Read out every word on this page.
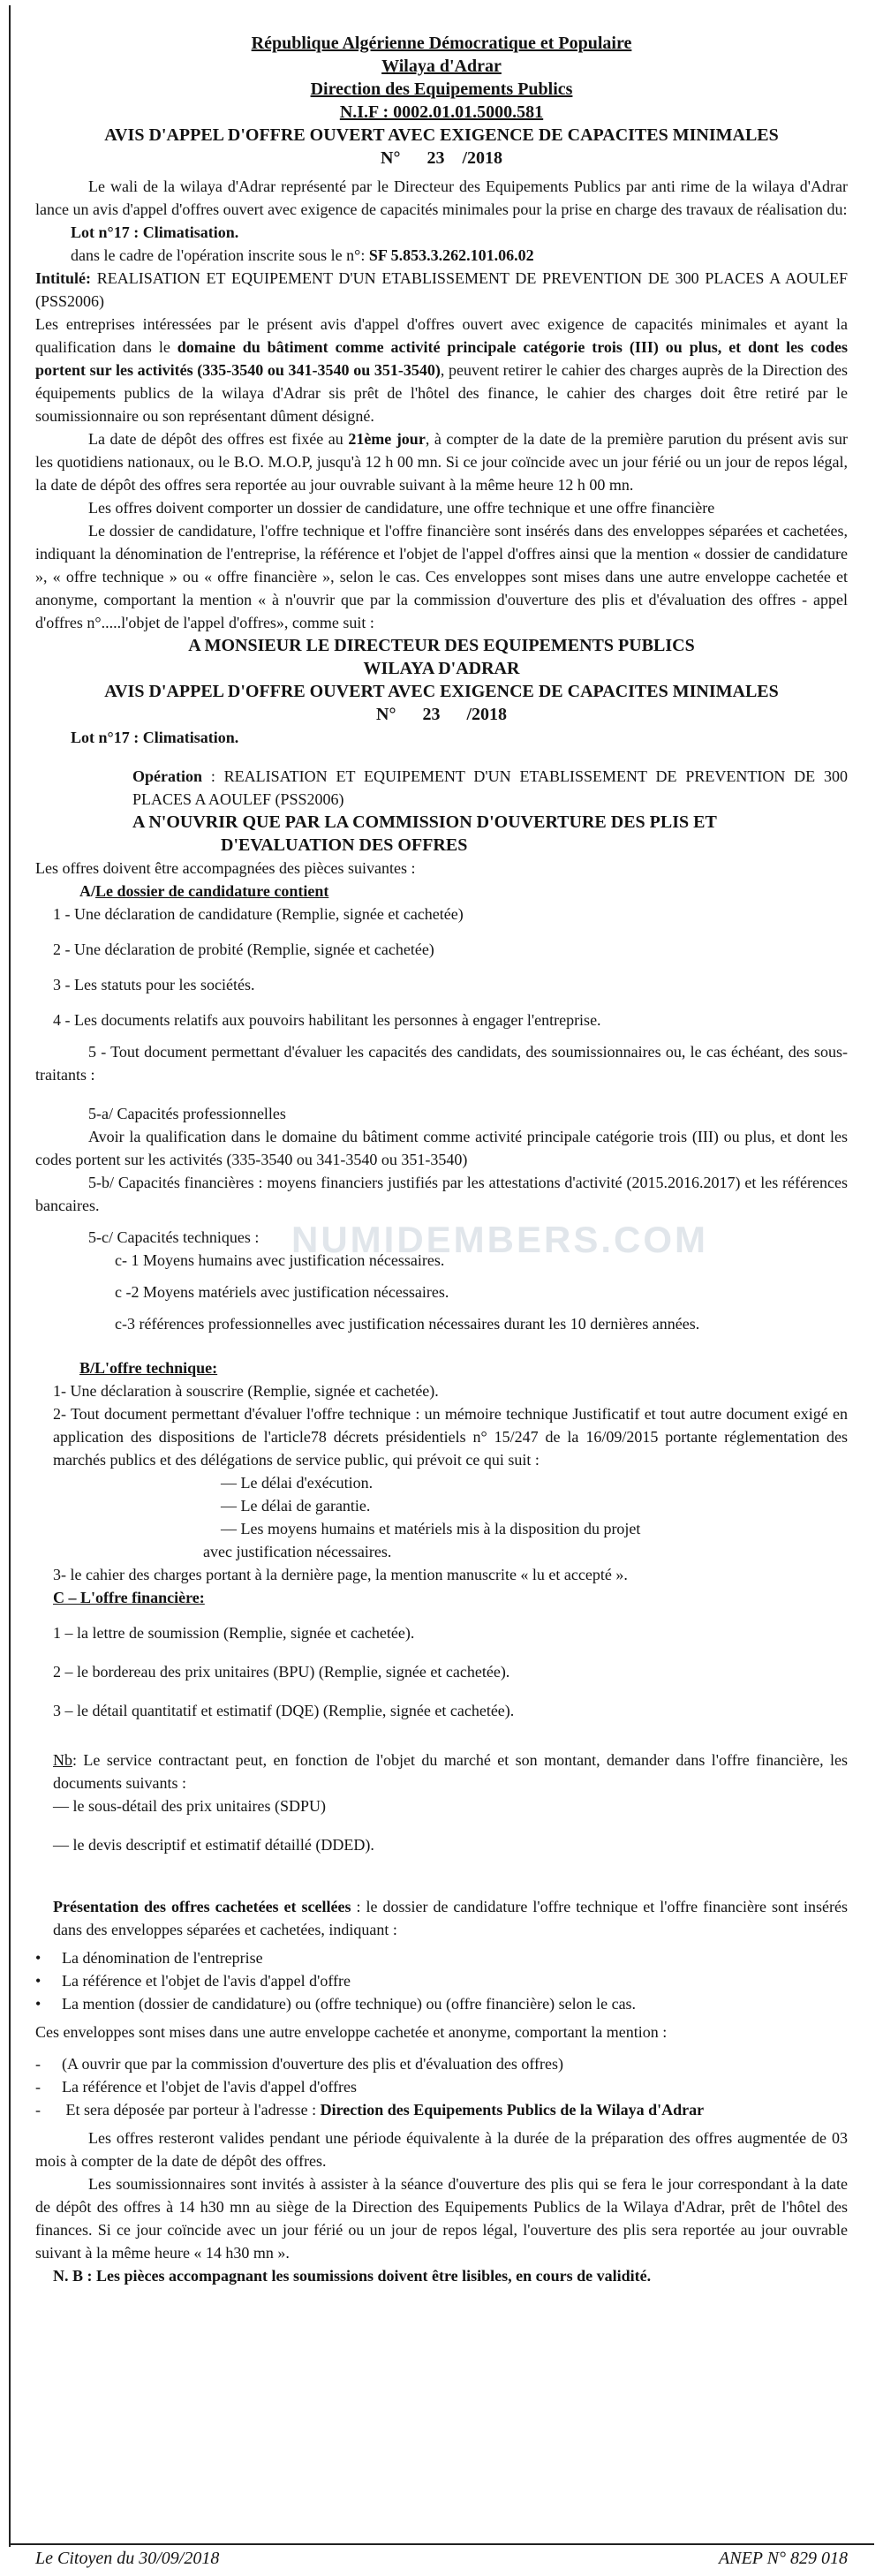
NUMIDEMBERS.COM

République Algérienne Démocratique et Populaire

Wilaya d'Adrar

Direction des Equipements Publics

N.I.F : 0002.01.01.5000.581

AVIS D'APPEL D'OFFRE OUVERT AVEC EXIGENCE DE CAPACITES MINIMALES

N°      23    /2018

Le wali de la wilaya d'Adrar représenté par le Directeur des Equipements Publics par anti rime de la wilaya d'Adrar lance un avis d'appel d'offres ouvert avec exigence de capacités minimales pour la prise en charge des travaux de réalisation du:

Lot n°17 : Climatisation.

dans le cadre de l'opération inscrite sous le n°: SF 5.853.3.262.101.06.02

Intitulé: REALISATION ET EQUIPEMENT D'UN ETABLISSEMENT DE PREVENTION DE 300 PLACES A AOULEF (PSS2006)

Les entreprises intéressées par le présent avis d'appel d'offres ouvert avec exigence de capacités minimales et ayant la qualification dans le domaine du bâtiment comme activité principale catégorie trois (III) ou plus, et dont les codes portent sur les activités (335-3540 ou 341-3540 ou 351-3540), peuvent retirer le cahier des charges auprès de la Direction des équipements publics de la wilaya d'Adrar sis prêt de l'hôtel des finance, le cahier des charges doit être retiré par le soumissionnaire ou son représentant dûment désigné.

La date de dépôt des offres est fixée au 21ème jour, à compter de la date de la première parution du présent avis sur les quotidiens nationaux, ou le B.O. M.O.P, jusqu'à 12 h 00 mn. Si ce jour coïncide avec un jour férié ou un jour de repos légal, la date de dépôt des offres sera reportée au jour ouvrable suivant à la même heure 12 h 00 mn.

Les offres doivent comporter un dossier de candidature, une offre technique et une offre financière

Le dossier de candidature, l'offre technique et l'offre financière sont insérés dans des enveloppes séparées et cachetées, indiquant la dénomination de l'entreprise, la référence et l'objet de l'appel d'offres ainsi que la mention « dossier de candidature », « offre technique » ou « offre financière », selon le cas. Ces enveloppes sont mises dans une autre enveloppe cachetée et anonyme, comportant la mention « à n'ouvrir que par la commission d'ouverture des plis et d'évaluation des offres - appel d'offres n°.....l'objet de l'appel d'offres», comme suit :

A MONSIEUR LE DIRECTEUR DES EQUIPEMENTS PUBLICS

WILAYA D'ADRAR

AVIS D'APPEL D'OFFRE OUVERT AVEC EXIGENCE DE CAPACITES MINIMALES

N°      23      /2018

Lot n°17 : Climatisation.

Opération : REALISATION ET EQUIPEMENT D'UN ETABLISSEMENT DE PREVENTION DE 300 PLACES A AOULEF (PSS2006)

A N'OUVRIR QUE PAR LA COMMISSION D'OUVERTURE DES PLIS ET

D'EVALUATION DES OFFRES

Les offres doivent être accompagnées des pièces suivantes :

A/Le dossier de candidature contient

1 - Une déclaration de candidature (Remplie, signée et cachetée)

2 - Une déclaration de probité (Remplie, signée et cachetée)

3 - Les statuts pour les sociétés.

4 - Les documents relatifs aux pouvoirs habilitant les personnes à engager l'entreprise.

5 - Tout document permettant d'évaluer les capacités des candidats, des soumissionnaires ou, le cas échéant, des sous-traitants :

5-a/ Capacités professionnelles

Avoir la qualification dans le domaine du bâtiment comme activité principale catégorie trois (III) ou plus, et dont les codes portent sur les activités (335-3540 ou 341-3540 ou 351-3540)

5-b/ Capacités financières : moyens financiers justifiés par les attestations d'activité (2015.2016.2017) et les références bancaires.

5-c/ Capacités techniques :

c- 1 Moyens humains avec justification nécessaires.

c -2 Moyens matériels avec justification nécessaires.

c-3 références professionnelles avec justification nécessaires durant les 10 dernières années.

B/L'offre technique:

1- Une déclaration à souscrire (Remplie, signée et cachetée).

2- Tout document permettant d'évaluer l'offre technique : un mémoire technique Justificatif et tout autre document exigé en application des dispositions de l'article78 décrets présidentiels n° 15/247 de la 16/09/2015 portante réglementation des marchés publics et des délégations de service public, qui prévoit ce qui suit :

— Le délai d'exécution.

— Le délai de garantie.

— Les moyens humains et matériels mis à la disposition du projet

avec justification nécessaires.

3- le cahier des charges portant à la dernière page, la mention manuscrite « lu et accepté ».

C – L'offre financière:

1 – la lettre de soumission (Remplie, signée et cachetée).

2 – le bordereau des prix unitaires (BPU) (Remplie, signée et cachetée).

3 – le détail quantitatif et estimatif (DQE) (Remplie, signée et cachetée).

Nb: Le service contractant peut, en fonction de l'objet du marché et son montant, demander dans l'offre financière, les documents suivants :

— le sous-détail des prix unitaires (SDPU)

— le devis descriptif et estimatif détaillé (DDED).

Présentation des offres cachetées et scellées : le dossier de candidature l'offre technique et l'offre financière sont insérés dans des enveloppes séparées et cachetées, indiquant :

• La dénomination de l'entreprise

• La référence et l'objet de l'avis d'appel d'offre

• La mention (dossier de candidature) ou (offre technique) ou (offre financière) selon le cas.

Ces enveloppes sont mises dans une autre enveloppe cachetée et anonyme, comportant la mention :

- (A ouvrir que par la commission d'ouverture des plis et d'évaluation des offres)

- La référence et l'objet de l'avis d'appel d'offres

- Et sera déposée par porteur à l'adresse : Direction des Equipements Publics de la Wilaya d'Adrar

Les offres resteront valides pendant une période équivalente à la durée de la préparation des offres augmentée de 03 mois à compter de la date de dépôt des offres.

Les soumissionnaires sont invités à assister à la séance d'ouverture des plis qui se fera le jour correspondant à la date de dépôt des offres à 14 h30 mn au siège de la Direction des Equipements Publics de la Wilaya d'Adrar, prêt de l'hôtel des finances. Si ce jour coïncide avec un jour férié ou un jour de repos légal, l'ouverture des plis sera reportée au jour ouvrable suivant à la même heure « 14 h30 mn ».

N. B : Les pièces accompagnant les soumissions doivent être lisibles, en cours de validité.

Le Citoyen du 30/09/2018	ANEP N° 829 018
